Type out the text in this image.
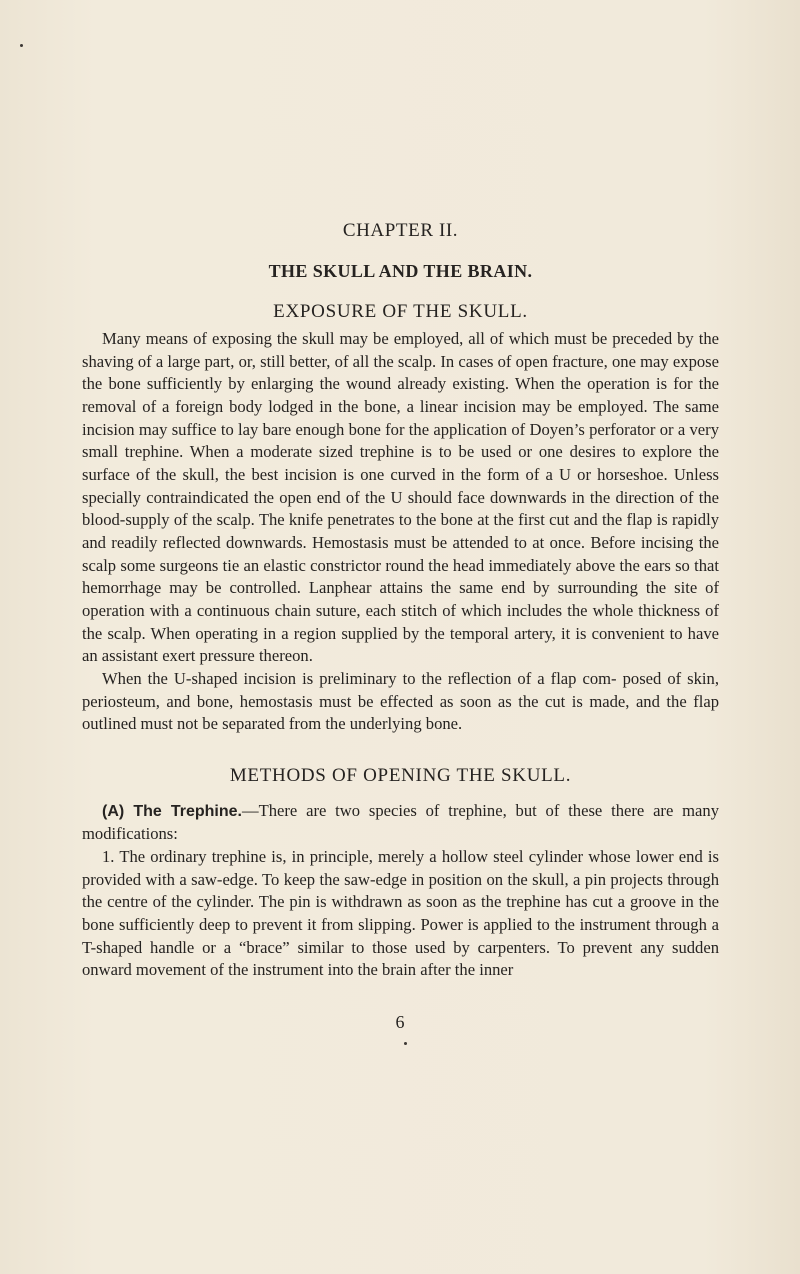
CHAPTER II.
THE SKULL AND THE BRAIN.
EXPOSURE OF THE SKULL.

Many means of exposing the skull may be employed, all of which must be preceded by the shaving of a large part, or, still better, of all the scalp. In cases of open fracture, one may expose the bone sufficiently by enlarging the wound already existing. When the operation is for the removal of a foreign body lodged in the bone, a linear incision may be employed. The same incision may suffice to lay bare enough bone for the application of Doyen’s perforator or a very small trephine. When a moderate sized trephine is to be used or one desires to explore the surface of the skull, the best incision is one curved in the form of a U or horseshoe. Unless specially contraindicated the open end of the U should face downwards in the direction of the blood-supply of the scalp. The knife penetrates to the bone at the first cut and the flap is rapidly and readily reflected downwards. Hemostasis must be attended to at once. Before incising the scalp some surgeons tie an elastic constrictor round the head immediately above the ears so that hemorrhage may be controlled. Lanphear attains the same end by surrounding the site of operation with a continuous chain suture, each stitch of which includes the whole thickness of the scalp. When operating in a region supplied by the temporal artery, it is convenient to have an assistant exert pressure thereon.

When the U-shaped incision is preliminary to the reflection of a flap com- posed of skin, periosteum, and bone, hemostasis must be effected as soon as the cut is made, and the flap outlined must not be separated from the underlying bone.

METHODS OF OPENING THE SKULL.

(A) The Trephine.—There are two species of trephine, but of these there are many modifications:

1. The ordinary trephine is, in principle, merely a hollow steel cylinder whose lower end is provided with a saw-edge. To keep the saw-edge in position on the skull, a pin projects through the centre of the cylinder. The pin is withdrawn as soon as the trephine has cut a groove in the bone sufficiently deep to prevent it from slipping. Power is applied to the instrument through a T-shaped handle or a “brace” similar to those used by carpenters. To prevent any sudden onward movement of the instrument into the brain after the inner

6
